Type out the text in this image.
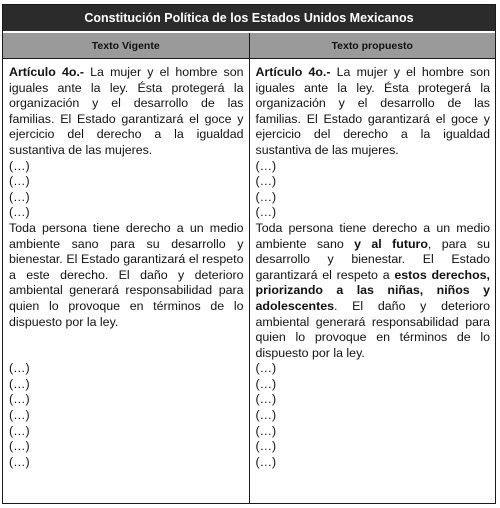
Constitución Política de los Estados Unidos Mexicanos
Texto Vigente	Texto propuesto

Artículo 4o.- La mujer y el hombre son iguales ante la ley. Ésta protegerá la organización y el desarrollo de las familias. El Estado garantizará el goce y ejercicio del derecho a la igualdad sustantiva de las mujeres.

(…)
(…)
(…)
(…)

Toda persona tiene derecho a un medio ambiente sano para su desarrollo y bienestar. El Estado garantizará el respeto a este derecho. El daño y deterioro ambiental generará responsabilidad para quien lo provoque en términos de lo dispuesto por la ley.

(…)
(…)
(…)
(…)
(…)
(…)
(…)

Artículo 4o.- La mujer y el hombre son iguales ante la ley. Ésta protegerá la organización y el desarrollo de las familias. El Estado garantizará el goce y ejercicio del derecho a la igualdad sustantiva de las mujeres.

(…)
(…)
(…)
(…)

Toda persona tiene derecho a un medio ambiente sano y al futuro, para su desarrollo y bienestar. El Estado garantizará el respeto a estos derechos, priorizando a las niñas, niños y adolescentes. El daño y deterioro ambiental generará responsabilidad para quien lo provoque en términos de lo dispuesto por la ley.

(…)
(…)
(…)
(…)
(…)
(…)
(…)
